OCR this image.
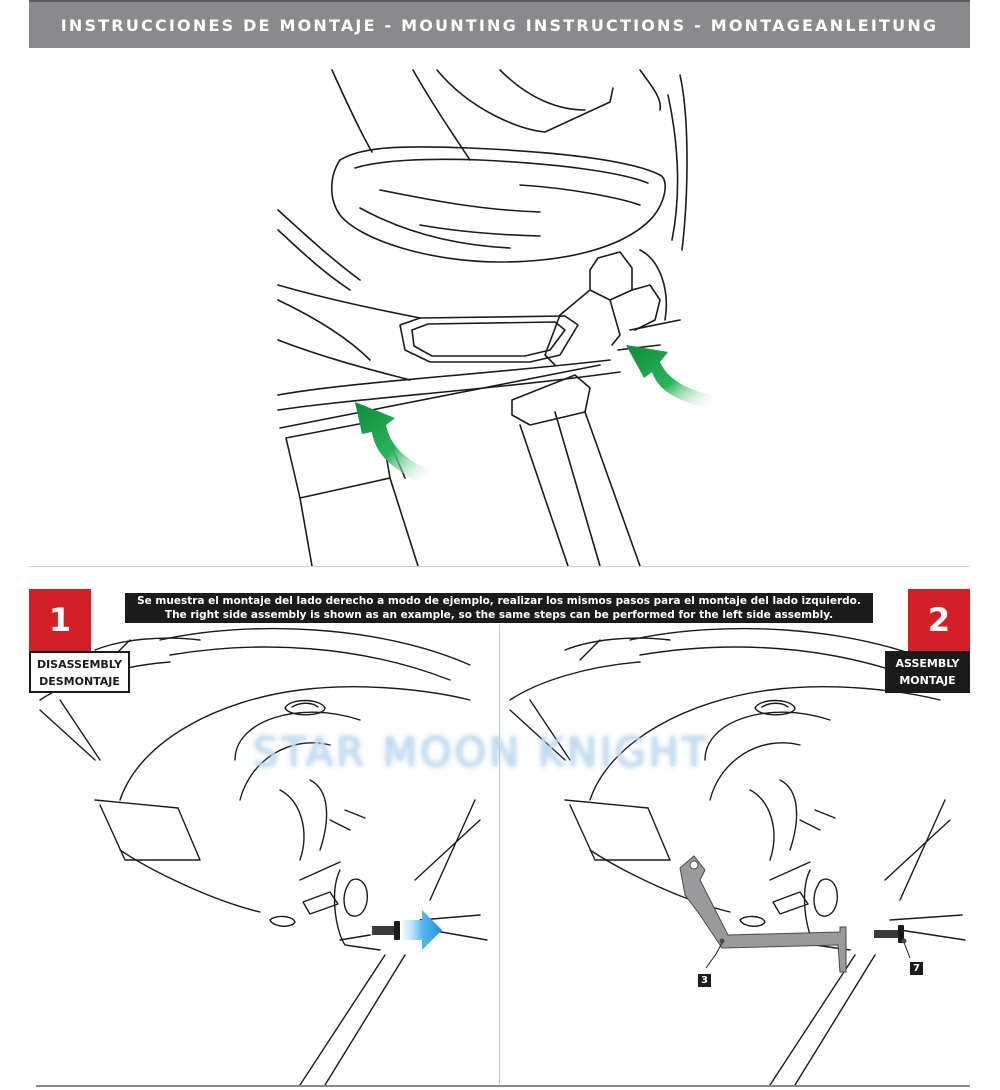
INSTRUCCIONES DE MONTAJE - MOUNTING INSTRUCTIONS - MONTAGEANLEITUNG
Se muestra el montaje del lado derecho a modo de ejemplo, realizar los mismos pasos para el montaje del lado izquierdo.
The right side assembly is shown as an example, so the same steps can be performed for the left side assembly.
1	2
DISASSEMBLY
DESMONTAJE
ASSEMBLY
MONTAJE
STAR MOON KNIGHT
3
7
